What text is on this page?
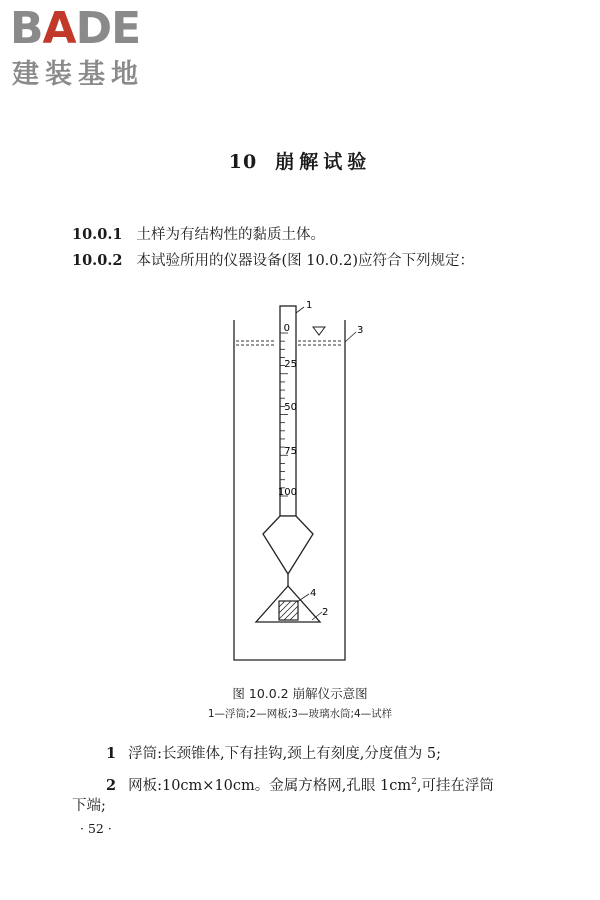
BADE
建装基地
10 崩解试验
10.0.1 土样为有结构性的黏质土体。
10.0.2 本试验所用的仪器设备(图 10.0.2)应符合下列规定：
0
25
50
75
100
1
3
4
2
图 10.0.2 崩解仪示意图
1—浮筒;2—网板;3—玻璃水筒;4—试样
1 浮筒:长颈锥体,下有挂钩,颈上有刻度,分度值为 5;
2 网板:10cm×10cm。金属方格网,孔眼 $1cm^2$,可挂在浮筒
下端;
· 52 ·
